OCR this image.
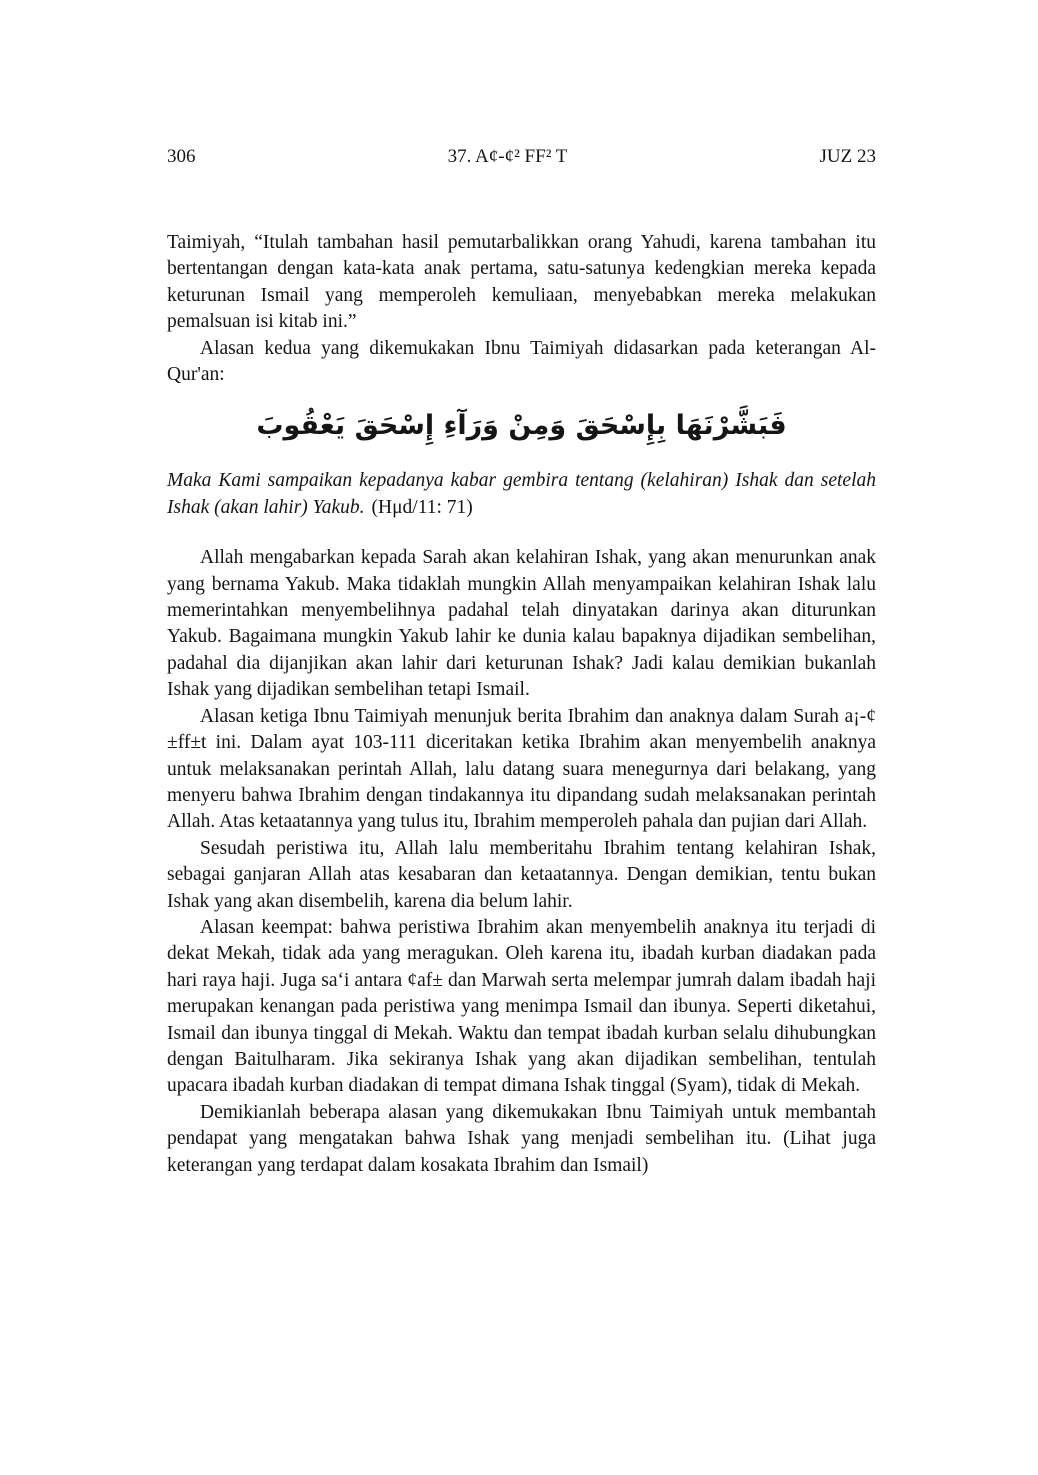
306	37. A¢-¢² FF² T	JUZ 23

Taimiyah, “Itulah tambahan hasil pemutarbalikkan orang Yahudi, karena tambahan itu bertentangan dengan kata-kata anak pertama, satu-satunya kedengkian mereka kepada keturunan Ismail yang memperoleh kemuliaan, menyebabkan mereka melakukan pemalsuan isi kitab ini.”

Alasan kedua yang dikemukakan Ibnu Taimiyah didasarkan pada keterangan Al-Qur'an:

فَبَشَّرْنَهَا بِإِسْحَقَ وَمِنْ وَرَآءِ إِسْحَقَ يَعْقُوبَ

Maka Kami sampaikan kepadanya kabar gembira tentang (kelahiran) Ishak dan setelah Ishak (akan lahir) Yakub. (Hμd/11: 71)

Allah mengabarkan kepada Sarah akan kelahiran Ishak, yang akan menurunkan anak yang bernama Yakub. Maka tidaklah mungkin Allah menyampaikan kelahiran Ishak lalu memerintahkan menyembelihnya padahal telah dinyatakan darinya akan diturunkan Yakub. Bagaimana mungkin Yakub lahir ke dunia kalau bapaknya dijadikan sembelihan, padahal dia dijanjikan akan lahir dari keturunan Ishak? Jadi kalau demikian bukanlah Ishak yang dijadikan sembelihan tetapi Ismail.

Alasan ketiga Ibnu Taimiyah menunjuk berita Ibrahim dan anaknya dalam Surah a¡-¢±ff±t ini. Dalam ayat 103-111 diceritakan ketika Ibrahim akan menyembelih anaknya untuk melaksanakan perintah Allah, lalu datang suara menegurnya dari belakang, yang menyeru bahwa Ibrahim dengan tindakannya itu dipandang sudah melaksanakan perintah Allah. Atas ketaatannya yang tulus itu, Ibrahim memperoleh pahala dan pujian dari Allah.

Sesudah peristiwa itu, Allah lalu memberitahu Ibrahim tentang kelahiran Ishak, sebagai ganjaran Allah atas kesabaran dan ketaatannya. Dengan demikian, tentu bukan Ishak yang akan disembelih, karena dia belum lahir.

Alasan keempat: bahwa peristiwa Ibrahim akan menyembelih anaknya itu terjadi di dekat Mekah, tidak ada yang meragukan. Oleh karena itu, ibadah kurban diadakan pada hari raya haji. Juga sa‘i antara ¢af± dan Marwah serta melempar jumrah dalam ibadah haji merupakan kenangan pada peristiwa yang menimpa Ismail dan ibunya. Seperti diketahui, Ismail dan ibunya tinggal di Mekah. Waktu dan tempat ibadah kurban selalu dihubungkan dengan Baitulharam. Jika sekiranya Ishak yang akan dijadikan sembelihan, tentulah upacara ibadah kurban diadakan di tempat dimana Ishak tinggal (Syam), tidak di Mekah.

Demikianlah beberapa alasan yang dikemukakan Ibnu Taimiyah untuk membantah pendapat yang mengatakan bahwa Ishak yang menjadi sembelihan itu. (Lihat juga keterangan yang terdapat dalam kosakata Ibrahim dan Ismail)
